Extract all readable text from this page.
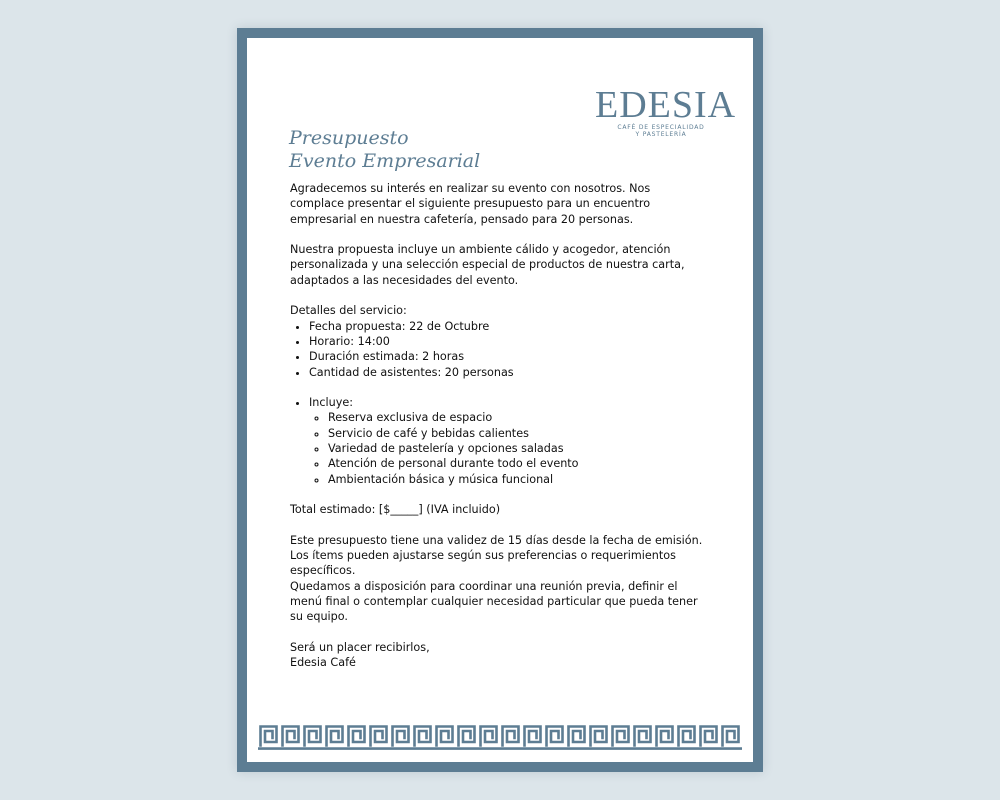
EDESIA
CAFÉ DE ESPECIALIDAD
Y PASTELERÍA
Presupuesto
Evento Empresarial

Agradecemos su interés en realizar su evento con nosotros. Nos
complace presentar el siguiente presupuesto para un encuentro
empresarial en nuestra cafetería, pensado para 20 personas.

Nuestra propuesta incluye un ambiente cálido y acogedor, atención
personalizada y una selección especial de productos de nuestra carta,
adaptados a las necesidades del evento.

Detalles del servicio:

• Fecha propuesta: 22 de Octubre
• Horario: 14:00
• Duración estimada: 2 horas
• Cantidad de asistentes: 20 personas
• Incluye:
◦ Reserva exclusiva de espacio
◦ Servicio de café y bebidas calientes
◦ Variedad de pastelería y opciones saladas
◦ Atención de personal durante todo el evento
◦ Ambientación básica y música funcional

Total estimado: [$_____] (IVA incluido)

Este presupuesto tiene una validez de 15 días desde la fecha de emisión.
Los ítems pueden ajustarse según sus preferencias o requerimientos
específicos.
Quedamos a disposición para coordinar una reunión previa, definir el
menú final o contemplar cualquier necesidad particular que pueda tener
su equipo.

Será un placer recibirlos,
Edesia Café
